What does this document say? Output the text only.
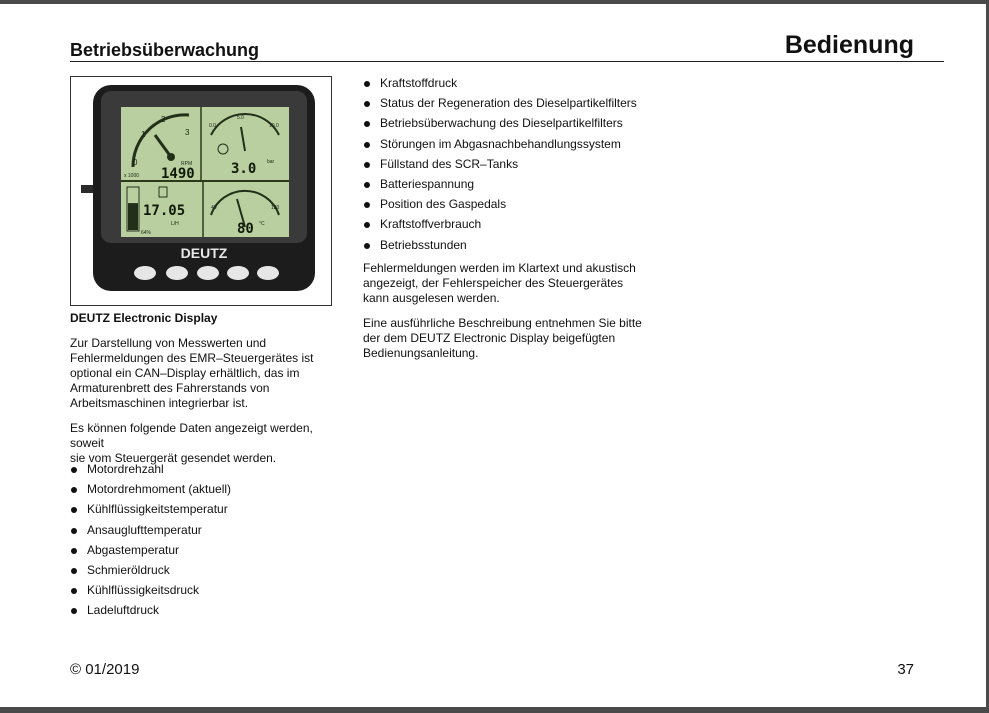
Betriebsüberwachung	Bedienung
0
1
2
3
x 1000
RPM
1490
0.0
5.0
10.0
3.0 bar
17.05
L/H
64%
40	120
80 °C
DEUTZ
DEUTZ Electronic Display
Zur Darstellung von Messwerten und
Fehlermeldungen des EMR–Steuergerätes ist
optional ein CAN–Display erhältlich, das im
Armaturenbrett des Fahrerstands von
Arbeitsmaschinen integrierbar ist.
Es können folgende Daten angezeigt werden, soweit
sie vom Steuergerät gesendet werden.
Motordrehzahl
Motordrehmoment (aktuell)
Kühlflüssigkeitstemperatur
Ansauglufttemperatur
Abgastemperatur
Schmieröldruck
Kühlflüssigkeitsdruck
Ladeluftdruck
Kraftstoffdruck
Status der Regeneration des Dieselpartikelfilters
Betriebsüberwachung des Dieselpartikelfilters
Störungen im Abgasnachbehandlungssystem
Füllstand des SCR–Tanks
Batteriespannung
Position des Gaspedals
Kraftstoffverbrauch
Betriebsstunden
Fehlermeldungen werden im Klartext und akustisch
angezeigt, der Fehlerspeicher des Steuergerätes
kann ausgelesen werden.
Eine ausführliche Beschreibung entnehmen Sie bitte
der dem DEUTZ Electronic Display beigefügten
Bedienungsanleitung.
© 01/2019	37
